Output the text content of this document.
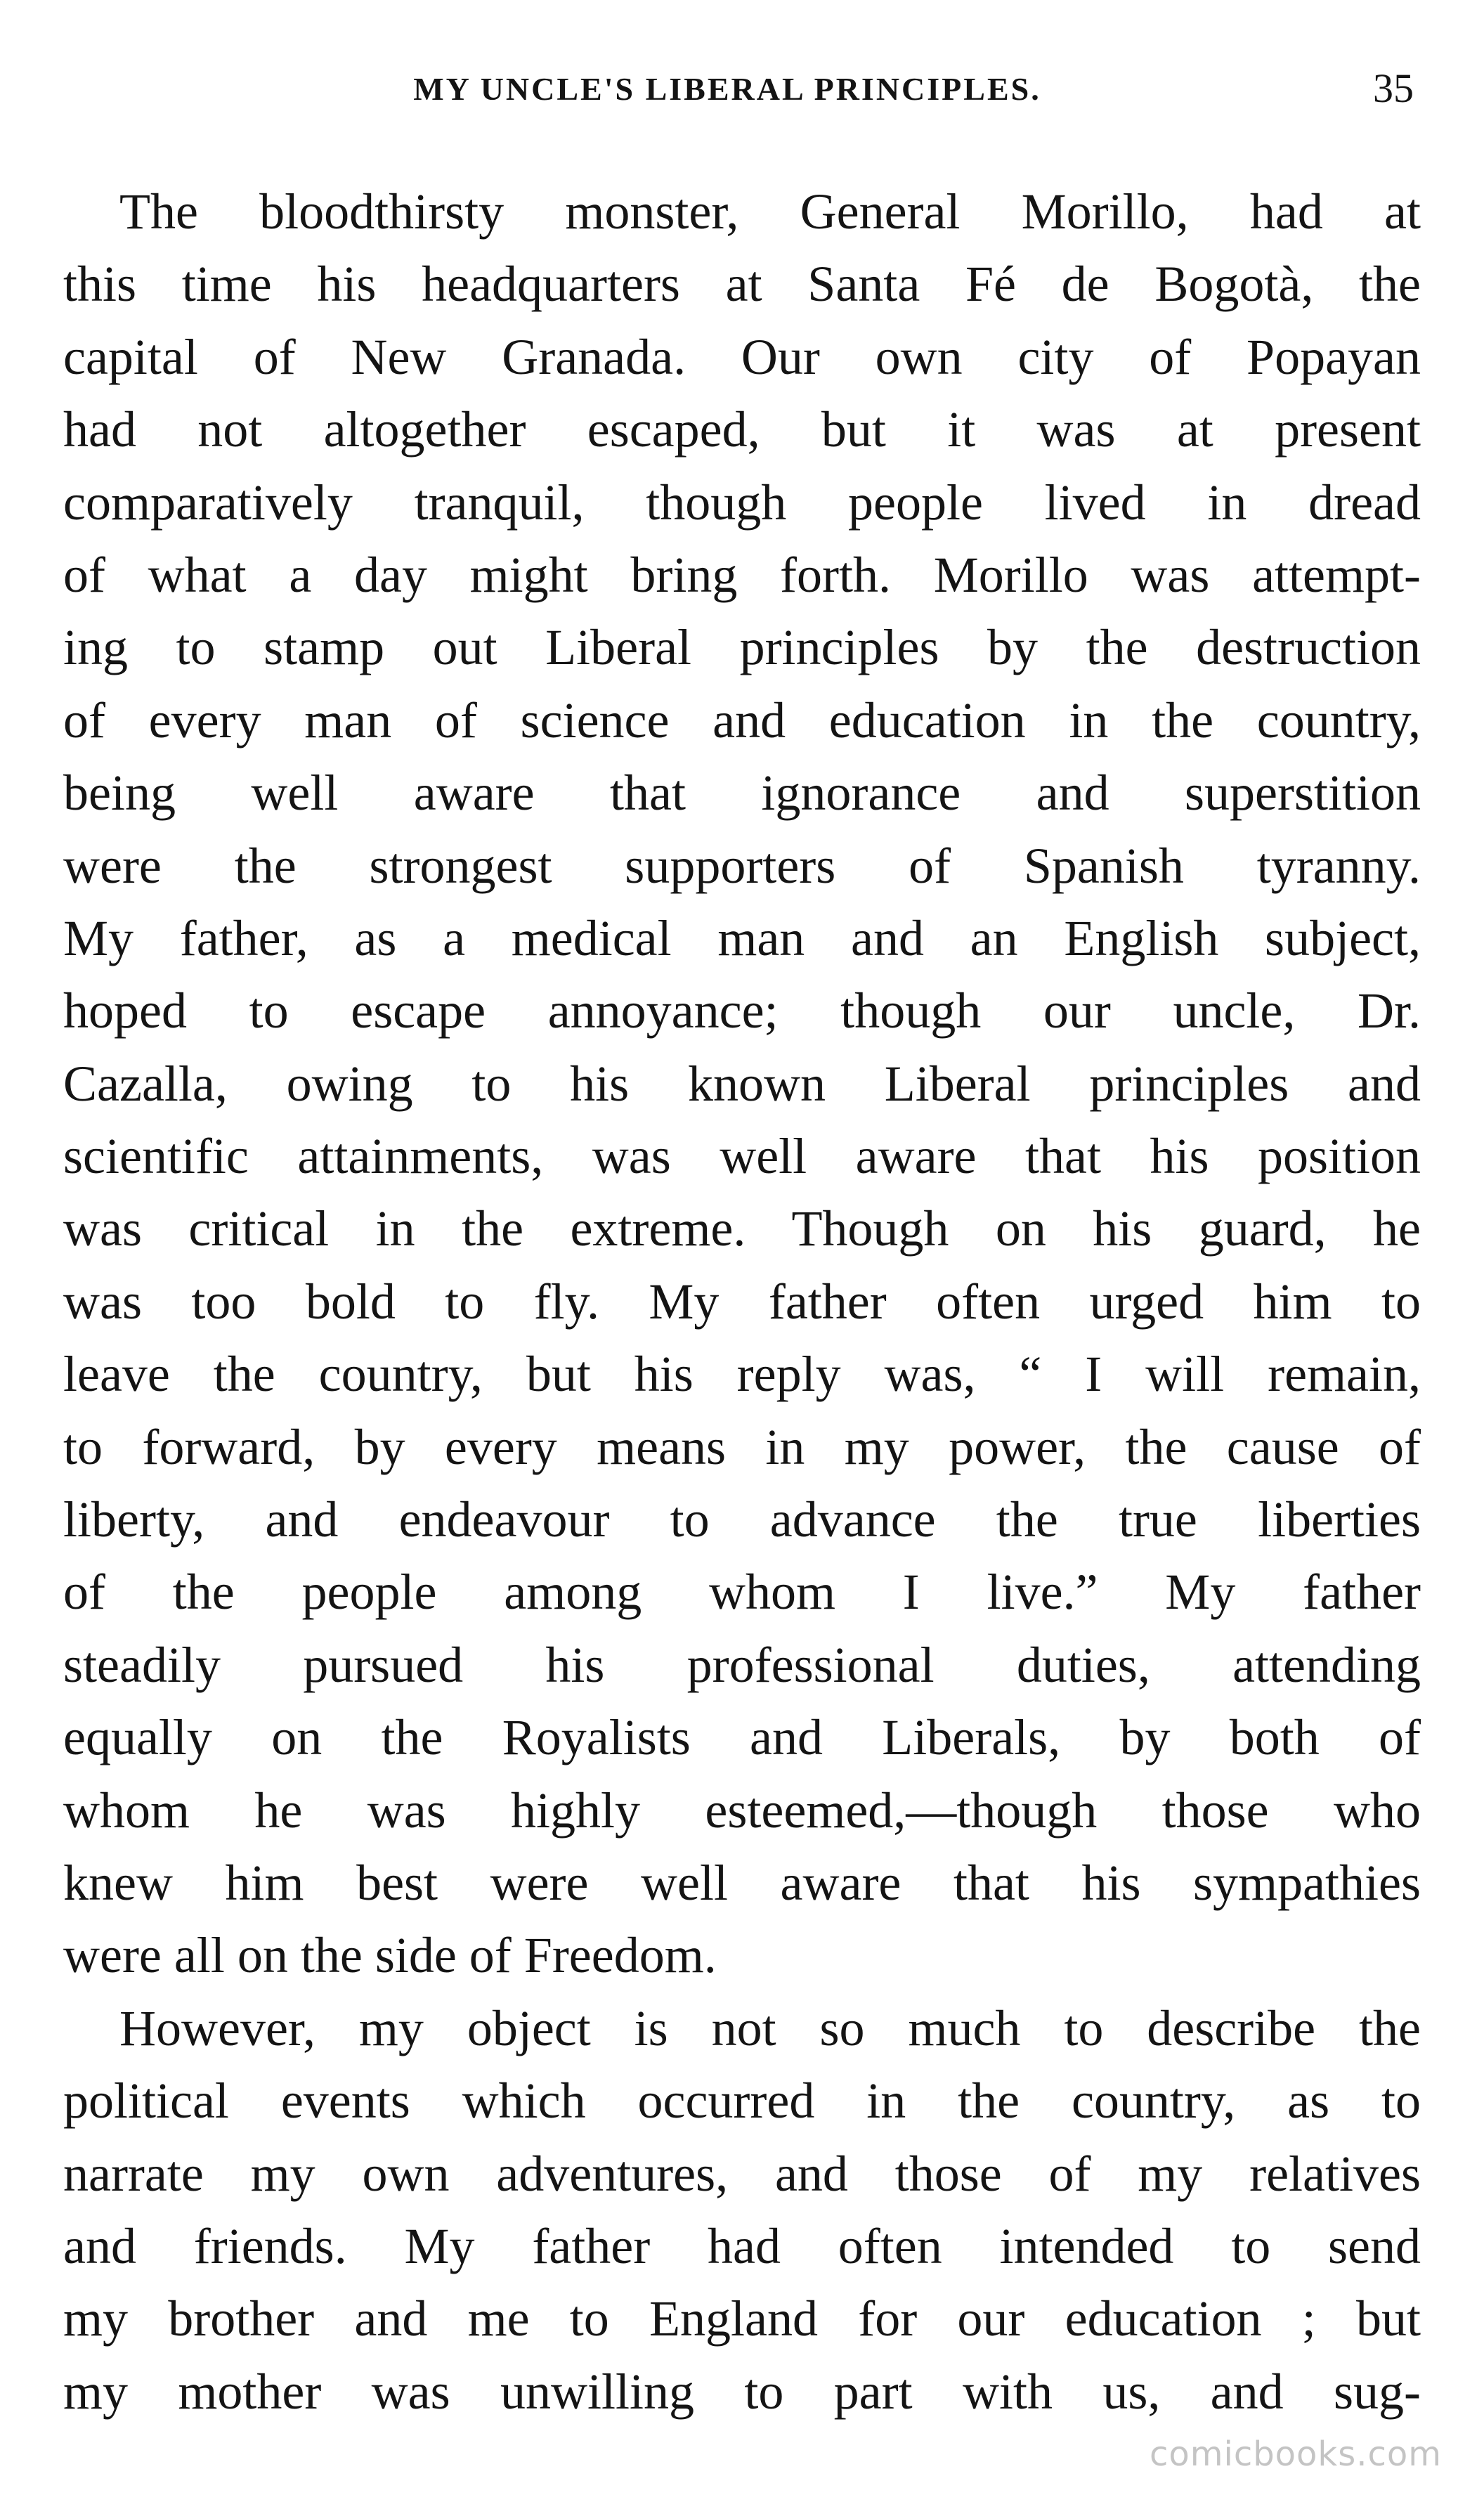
MY UNCLE'S LIBERAL PRINCIPLES.	35
The bloodthirsty monster, General Morillo, had at
this time his headquarters at Santa Fé de Bogotà, the
capital of New Granada. Our own city of Popayan
had not altogether escaped, but it was at present
comparatively tranquil, though people lived in dread
of what a day might bring forth. Morillo was attempt-
ing to stamp out Liberal principles by the destruction
of every man of science and education in the country,
being well aware that ignorance and superstition
were the strongest supporters of Spanish tyranny.
My father, as a medical man and an English subject,
hoped to escape annoyance; though our uncle, Dr.
Cazalla, owing to his known Liberal principles and
scientific attainments, was well aware that his position
was critical in the extreme. Though on his guard, he
was too bold to fly. My father often urged him to
leave the country, but his reply was, “ I will remain,
to forward, by every means in my power, the cause of
liberty, and endeavour to advance the true liberties
of the people among whom I live.” My father
steadily pursued his professional duties, attending
equally on the Royalists and Liberals, by both of
whom he was highly esteemed,—though those who
knew him best were well aware that his sympathies
were all on the side of Freedom.
However, my object is not so much to describe the
political events which occurred in the country, as to
narrate my own adventures, and those of my relatives
and friends. My father had often intended to send
my brother and me to England for our education ; but
my mother was unwilling to part with us, and sug-
comicbooks.com
